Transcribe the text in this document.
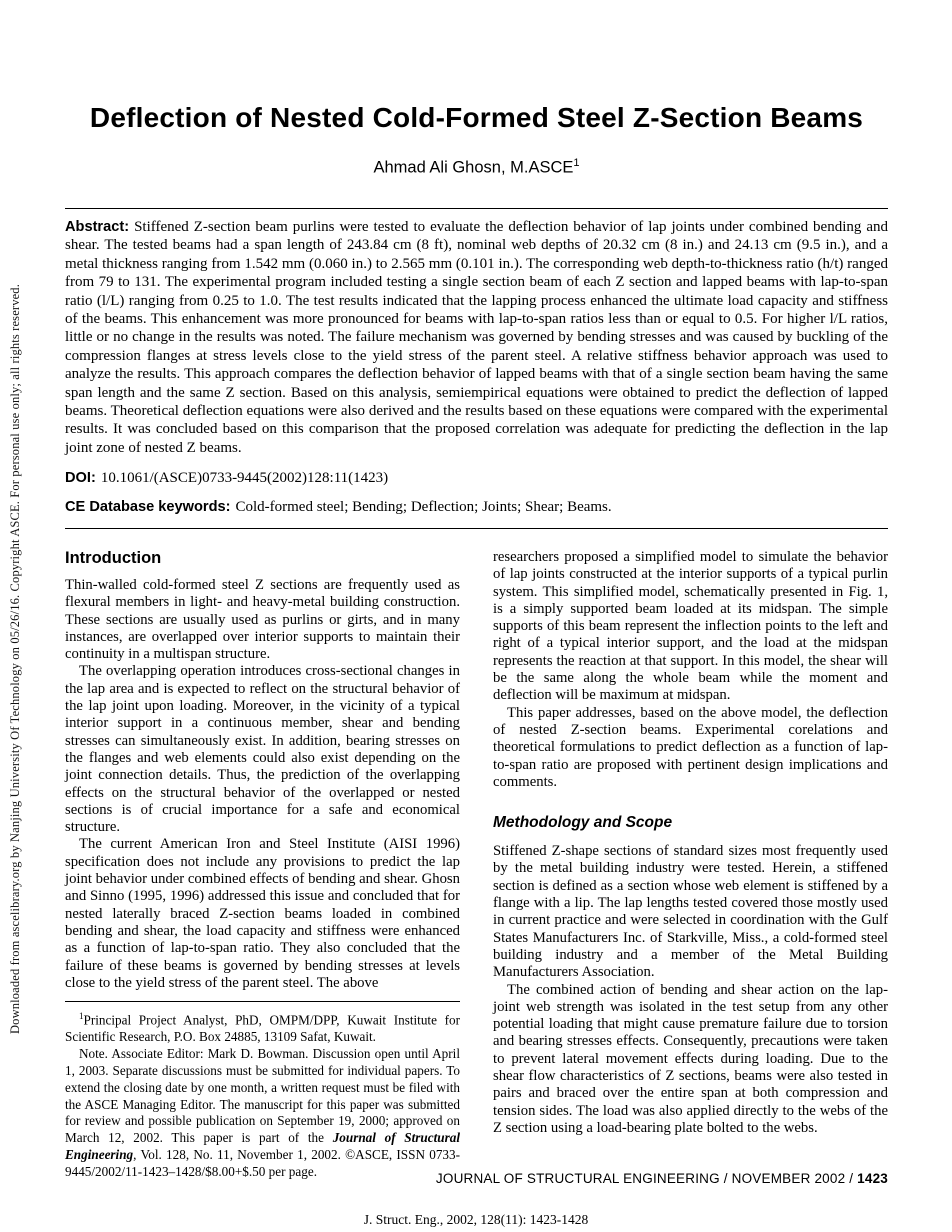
Downloaded from ascelibrary.org by Nanjing University Of Technology on 05/26/16. Copyright ASCE. For personal use only; all rights reserved.
Deflection of Nested Cold-Formed Steel Z-Section Beams
Ahmad Ali Ghosn, M.ASCE$^1$

Abstract: Stiffened Z-section beam purlins were tested to evaluate the deflection behavior of lap joints under combined bending and shear. The tested beams had a span length of 243.84 cm (8 ft), nominal web depths of 20.32 cm (8 in.) and 24.13 cm (9.5 in.), and a metal thickness ranging from 1.542 mm (0.060 in.) to 2.565 mm (0.101 in.). The corresponding web depth-to-thickness ratio (h/t) ranged from 79 to 131. The experimental program included testing a single section beam of each Z section and lapped beams with lap-to-span ratio (l/L) ranging from 0.25 to 1.0. The test results indicated that the lapping process enhanced the ultimate load capacity and stiffness of the beams. This enhancement was more pronounced for beams with lap-to-span ratios less than or equal to 0.5. For higher l/L ratios, little or no change in the results was noted. The failure mechanism was governed by bending stresses and was caused by buckling of the compression flanges at stress levels close to the yield stress of the parent steel. A relative stiffness behavior approach was used to analyze the results. This approach compares the deflection behavior of lapped beams with that of a single section beam having the same span length and the same Z section. Based on this analysis, semiempirical equations were obtained to predict the deflection of lapped beams. Theoretical deflection equations were also derived and the results based on these equations were compared with the experimental results. It was concluded based on this comparison that the proposed correlation was adequate for predicting the deflection in the lap joint zone of nested Z beams.

DOI: 10.1061/(ASCE)0733-9445(2002)128:11(1423)

CE Database keywords: Cold-formed steel; Bending; Deflection; Joints; Shear; Beams.

Introduction

Thin-walled cold-formed steel Z sections are frequently used as flexural members in light- and heavy-metal building construction. These sections are usually used as purlins or girts, and in many instances, are overlapped over interior supports to maintain their continuity in a multispan structure.

The overlapping operation introduces cross-sectional changes in the lap area and is expected to reflect on the structural behavior of the lap joint upon loading. Moreover, in the vicinity of a typical interior support in a continuous member, shear and bending stresses can simultaneously exist. In addition, bearing stresses on the flanges and web elements could also exist depending on the joint connection details. Thus, the prediction of the overlapping effects on the structural behavior of the overlapped or nested sections is of crucial importance for a safe and economical structure.

The current American Iron and Steel Institute (AISI 1996) specification does not include any provisions to predict the lap joint behavior under combined effects of bending and shear. Ghosn and Sinno (1995, 1996) addressed this issue and concluded that for nested laterally braced Z-section beams loaded in combined bending and shear, the load capacity and stiffness were enhanced as a function of lap-to-span ratio. They also concluded that the failure of these beams is governed by bending stresses at levels close to the yield stress of the parent steel. The above

$^1$Principal Project Analyst, PhD, OMPM/DPP, Kuwait Institute for Scientific Research, P.O. Box 24885, 13109 Safat, Kuwait.

Note. Associate Editor: Mark D. Bowman. Discussion open until April 1, 2003. Separate discussions must be submitted for individual papers. To extend the closing date by one month, a written request must be filed with the ASCE Managing Editor. The manuscript for this paper was submitted for review and possible publication on September 19, 2000; approved on March 12, 2002. This paper is part of the Journal of Structural Engineering, Vol. 128, No. 11, November 1, 2002. ©ASCE, ISSN 0733-9445/2002/11-1423–1428/$8.00+$.50 per page.

researchers proposed a simplified model to simulate the behavior of lap joints constructed at the interior supports of a typical purlin system. This simplified model, schematically presented in Fig. 1, is a simply supported beam loaded at its midspan. The simple supports of this beam represent the inflection points to the left and right of a typical interior support, and the load at the midspan represents the reaction at that support. In this model, the shear will be the same along the whole beam while the moment and deflection will be maximum at midspan.

This paper addresses, based on the above model, the deflection of nested Z-section beams. Experimental corelations and theoretical formulations to predict deflection as a function of lap-to-span ratio are proposed with pertinent design implications and comments.

Methodology and Scope

Stiffened Z-shape sections of standard sizes most frequently used by the metal building industry were tested. Herein, a stiffened section is defined as a section whose web element is stiffened by a flange with a lip. The lap lengths tested covered those mostly used in current practice and were selected in coordination with the Gulf States Manufacturers Inc. of Starkville, Miss., a cold-formed steel building industry and a member of the Metal Building Manufacturers Association.

The combined action of bending and shear action on the lap-joint web strength was isolated in the test setup from any other potential loading that might cause premature failure due to torsion and bearing stresses effects. Consequently, precautions were taken to prevent lateral movement effects during loading. Due to the shear flow characteristics of Z sections, beams were also tested in pairs and braced over the entire span at both compression and tension sides. The load was also applied directly to the webs of the Z section using a load-bearing plate bolted to the webs.

JOURNAL OF STRUCTURAL ENGINEERING / NOVEMBER 2002 / 1423
J. Struct. Eng., 2002, 128(11): 1423-1428
